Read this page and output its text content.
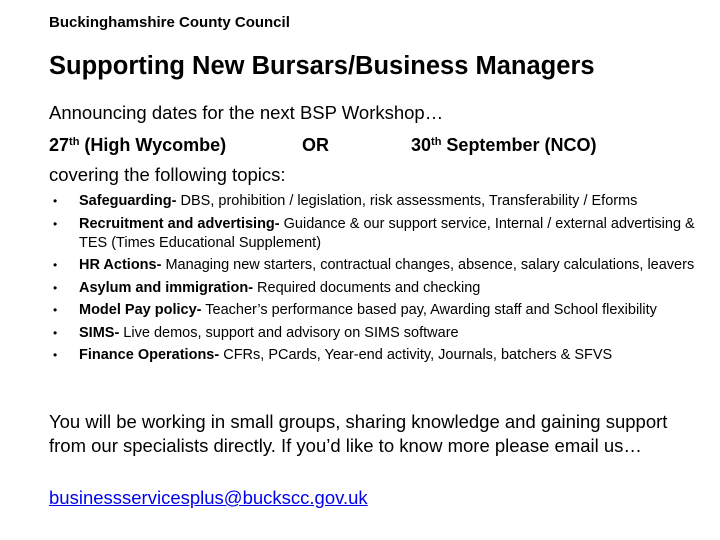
Buckinghamshire County Council
Supporting New Bursars/Business Managers
Announcing dates for the next BSP Workshop…
27th (High Wycombe)	OR	30th September (NCO)
covering the following topics:
• Safeguarding- DBS, prohibition / legislation, risk assessments, Transferability / Eforms
• Recruitment and advertising- Guidance & our support service, Internal / external advertising & TES (Times Educational Supplement)
• HR Actions- Managing new starters, contractual changes, absence, salary calculations, leavers
• Asylum and immigration- Required documents and checking
• Model Pay policy- Teacher’s performance based pay, Awarding staff and School flexibility
• SIMS- Live demos, support and advisory on SIMS software
• Finance Operations- CFRs, PCards, Year-end activity, Journals, batchers & SFVS
You will be working in small groups, sharing knowledge and gaining support from our specialists directly. If you’d like to know more please email us…
businessservicesplus@buckscc.gov.uk
